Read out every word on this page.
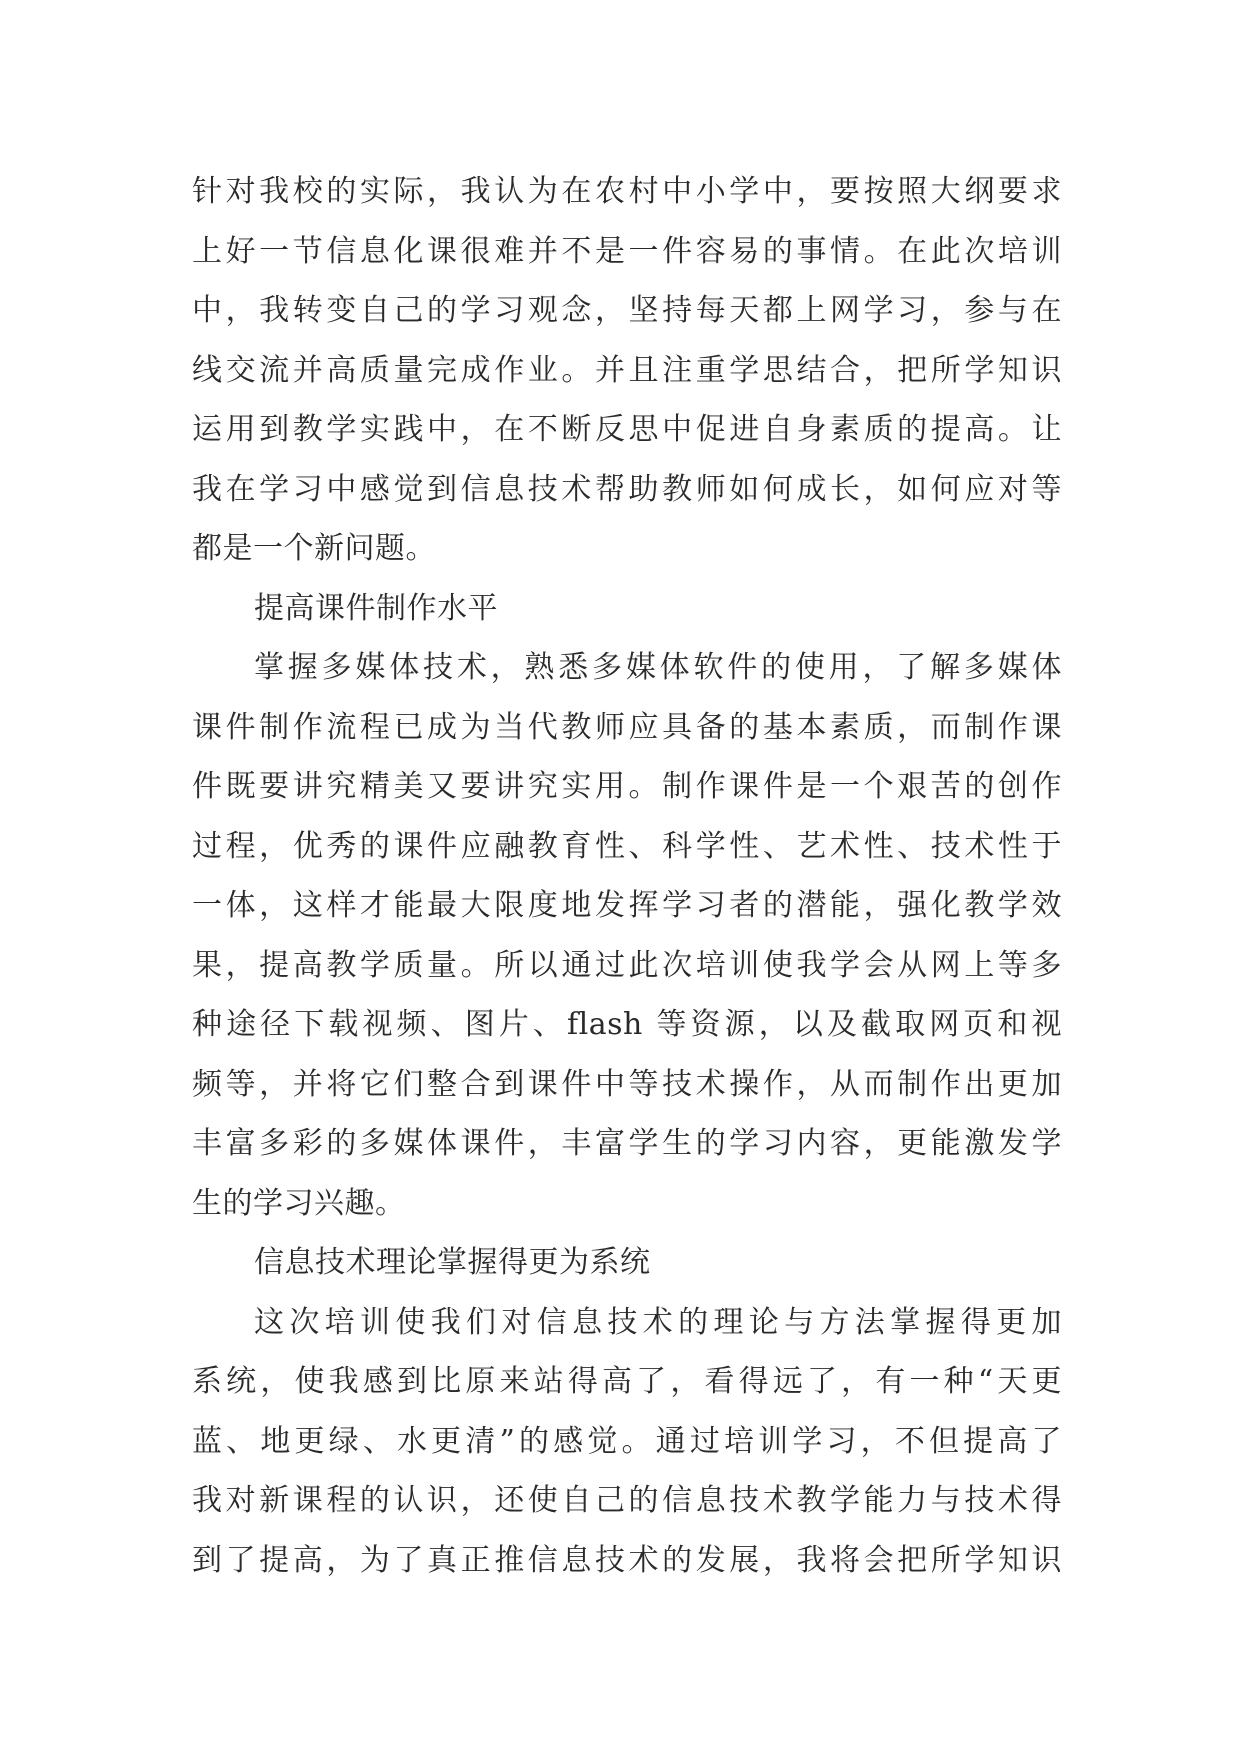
针对我校的实际，我认为在农村中小学中，要按照大纲要求
上好一节信息化课很难并不是一件容易的事情。在此次培训
中，我转变自己的学习观念，坚持每天都上网学习，参与在
线交流并高质量完成作业。并且注重学思结合，把所学知识
运用到教学实践中，在不断反思中促进自身素质的提高。让
我在学习中感觉到信息技术帮助教师如何成长，如何应对等
都是一个新问题。
提高课件制作水平
掌握多媒体技术，熟悉多媒体软件的使用，了解多媒体
课件制作流程已成为当代教师应具备的基本素质，而制作课
件既要讲究精美又要讲究实用。制作课件是一个艰苦的创作
过程，优秀的课件应融教育性、科学性、艺术性、技术性于
一体，这样才能最大限度地发挥学习者的潜能，强化教学效
果，提高教学质量。所以通过此次培训使我学会从网上等多
种途径下载视频、图片、flash 等资源，以及截取网页和视
频等，并将它们整合到课件中等技术操作，从而制作出更加
丰富多彩的多媒体课件，丰富学生的学习内容，更能激发学
生的学习兴趣。
信息技术理论掌握得更为系统
这次培训使我们对信息技术的理论与方法掌握得更加
系统，使我感到比原来站得高了，看得远了，有一种“天更
蓝、地更绿、水更清”的感觉。通过培训学习，不但提高了
我对新课程的认识，还使自己的信息技术教学能力与技术得
到了提高，为了真正推信息技术的发展，我将会把所学知识
